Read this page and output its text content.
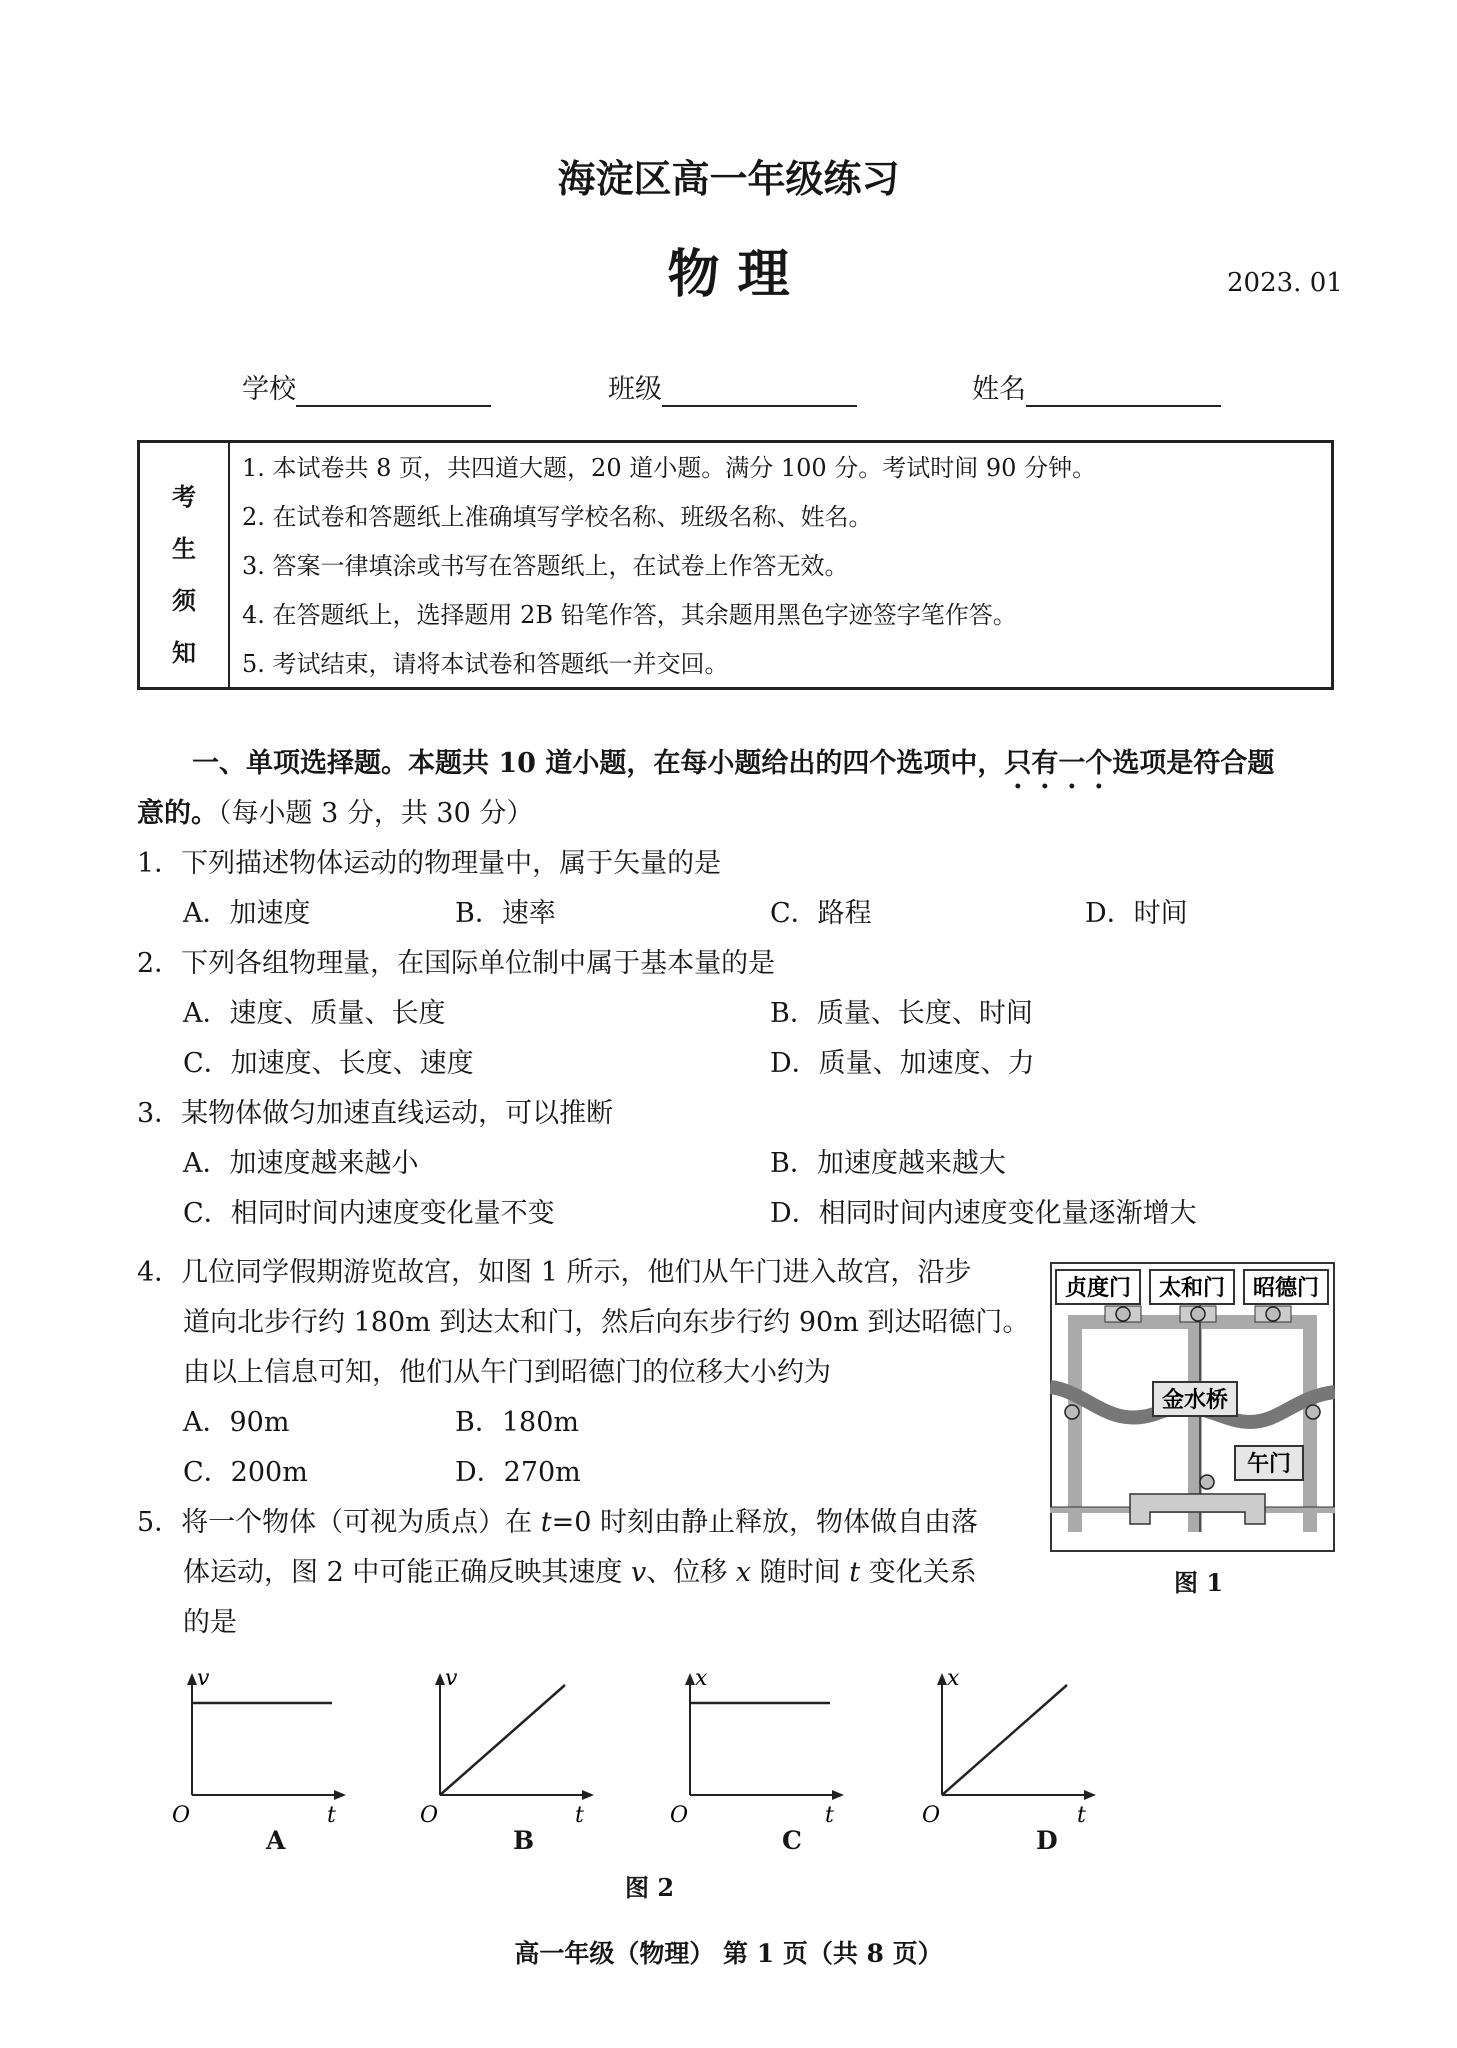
海淀区高一年级练习
物 理	2023. 01
学校	班级	姓名
考
生
须
知
1. 本试卷共 8 页，共四道大题，20 道小题。满分 100 分。考试时间 90 分钟。
2. 在试卷和答题纸上准确填写学校名称、班级名称、姓名。
3. 答案一律填涂或书写在答题纸上，在试卷上作答无效。
4. 在答题纸上，选择题用 2B 铅笔作答，其余题用黑色字迹签字笔作答。
5. 考试结束，请将本试卷和答题纸一并交回。
一、单项选择题。本题共 10 道小题，在每小题给出的四个选项中，只有一个选项是符合题
意的。（每小题 3 分，共 30 分）
1．下列描述物体运动的物理量中，属于矢量的是
A．加速度	B．速率	C．路程	D．时间
2．下列各组物理量，在国际单位制中属于基本量的是
A．速度、质量、长度	B．质量、长度、时间
C．加速度、长度、速度	D．质量、加速度、力
3．某物体做匀加速直线运动，可以推断
A．加速度越来越小	B．加速度越来越大
C．相同时间内速度变化量不变	D．相同时间内速度变化量逐渐增大
4．几位同学假期游览故宫，如图 1 所示，他们从午门进入故宫，沿步
道向北步行约 180m 到达太和门，然后向东步行约 90m 到达昭德门。
由以上信息可知，他们从午门到昭德门的位移大小约为
A．90m	B．180m
C．200m	D．270m
5．将一个物体（可视为质点）在 t=0 时刻由静止释放，物体做自由落
体运动，图 2 中可能正确反映其速度 v、位移 x 随时间 t 变化关系
的是
贞度门 太和门 昭德门
金水桥
午门
图 1
v
t
O
v
t
O
x
t
O
x
t
O
A	B	C	D
图 2
高一年级（物理） 第 1 页（共 8 页）
